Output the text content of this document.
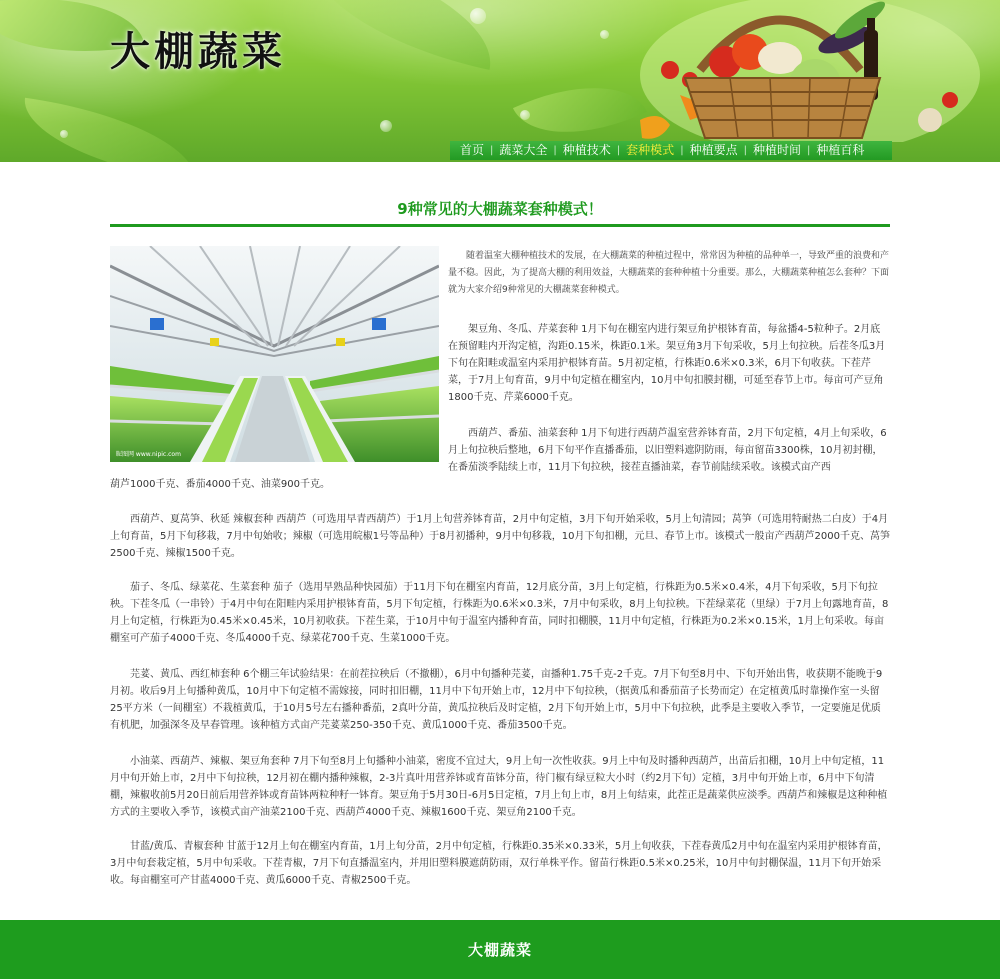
大棚蔬菜
首页 | 蔬菜大全 | 种植技术 | 套种模式 | 种植要点 | 种植时间 | 种植百科
9种常见的大棚蔬菜套种模式！
昵图网 www.nipic.com

随着温室大棚种植技术的发展，在大棚蔬菜的种植过程中，常常因为种植的品种单一，导致严重的浪费和产量不稳。因此，为了提高大棚的利用效益，大棚蔬菜的套种种植十分重要。那么，大棚蔬菜种植怎么套种？下面就为大家介绍9种常见的大棚蔬菜套种模式。

架豆角、冬瓜、芹菜套种 1月下旬在棚室内进行架豆角护根钵育苗，每盆播4-5粒种子。2月底在预留畦内开沟定植，沟距0.15米，株距0.1米。架豆角3月下旬采收，5月上旬拉秧。后茬冬瓜3月下旬在阳畦或温室内采用护根钵育苗。5月初定植，行株距0.6米×0.3米，6月下旬收获。下茬芹菜，于7月上旬育苗，9月中旬定植在棚室内，10月中旬扣膜封棚，可延至春节上市。每亩可产豆角1800千克、芹菜6000千克。

西葫芦、番茄、油菜套种 1月下旬进行西葫芦温室营养钵育苗，2月下旬定植，4月上旬采收，6月上旬拉秧后整地，6月下旬平作直播番茄，以旧塑料遮阴防雨，每亩留苗3300株，10月初封棚，在番茄淡季陆续上市，11月下旬拉秧，接茬直播油菜，春节前陆续采收。该模式亩产西

葫芦1000千克、番茄4000千克、油菜900千克。

西葫芦、夏莴笋、秋延 辣椒套种 西葫芦（可选用早青西葫芦）于1月上旬营养钵育苗，2月中旬定植，3月下旬开始采收，5月上旬清园；莴笋（可选用特耐热二白皮）于4月上旬育苗，5月下旬移栽，7月中旬始收；辣椒（可选用皖椒1号等品种）于8月初播种，9月中旬移栽，10月下旬扣棚，元旦、春节上市。该模式一般亩产西葫芦2000千克、莴笋2500千克、辣椒1500千克。

茄子、冬瓜、绿菜花、生菜套种 茄子（选用早熟品种快园茄）于11月下旬在棚室内育苗，12月底分苗，3月上旬定植，行株距为0.5米×0.4米，4月下旬采收，5月下旬拉秧。下茬冬瓜（一串铃）于4月中旬在阳畦内采用护根钵育苗，5月下旬定植，行株距为0.6米×0.3米，7月中旬采收，8月上旬拉秧。下茬绿菜花（里绿）于7月上旬露地育苗，8月上旬定植，行株距为0.45米×0.45米，10月初收获。下茬生菜，于10月中旬于温室内播种育苗，同时扣棚膜，11月中旬定植，行株距为0.2米×0.15米，1月上旬采收。每亩棚室可产茄子4000千克、冬瓜4000千克、绿菜花700千克、生菜1000千克。

芫荽、黄瓜、西红柿套种 6个棚三年试验结果：在前茬拉秧后（不撤棚），6月中旬播种芫荽，亩播种1.75千克-2千克。7月下旬至8月中、下旬开始出售，收获期不能晚于9月初。收后9月上旬播种黄瓜，10月中下旬定植不需嫁接，同时扣旧棚，11月中下旬开始上市，12月中下旬拉秧，（据黄瓜和番茄苗子长势而定）在定植黄瓜时靠操作室一头留25平方米（一间棚室）不栽植黄瓜，于10月5号左右播种番茄，2真叶分苗，黄瓜拉秧后及时定植，2月下旬开始上市，5月中下旬拉秧，此季是主要收入季节，一定要施足优质有机肥，加强深冬及早春管理。该种植方式亩产芫荽菜250-350千克、黄瓜1000千克、番茄3500千克。

小油菜、西葫芦、辣椒、架豆角套种 7月下旬至8月上旬播种小油菜，密度不宜过大，9月上旬一次性收获。9月上中旬及时播种西葫芦，出苗后扣棚，10月上中旬定植，11月中旬开始上市，2月中下旬拉秧，12月初在棚内播种辣椒，2-3片真叶用营养钵或育苗钵分苗，待门椒有绿豆粒大小时（约2月下旬）定植，3月中旬开始上市，6月中下旬清棚，辣椒收前5月20日前后用营养钵或育苗钵两粒种籽一钵育。架豆角于5月30日-6月5日定植，7月上旬上市，8月上旬结束，此茬正是蔬菜供应淡季。西葫芦和辣椒是这种种植方式的主要收入季节，该模式亩产油菜2100千克、西葫芦4000千克、辣椒1600千克、架豆角2100千克。

甘蓝/黄瓜、青椒套种 甘蓝于12月上旬在棚室内育苗，1月上旬分苗，2月中旬定植，行株距0.35米×0.33米，5月上旬收获，下茬春黄瓜2月中旬在温室内采用护根钵育苗，3月中旬套栽定植，5月中旬采收。下茬青椒，7月下旬直播温室内，并用旧塑料膜遮荫防雨，双行单株平作。留苗行株距0.5米×0.25米，10月中旬封棚保温，11月下旬开始采收。每亩棚室可产甘蓝4000千克、黄瓜6000千克、青椒2500千克。

大棚蔬菜
